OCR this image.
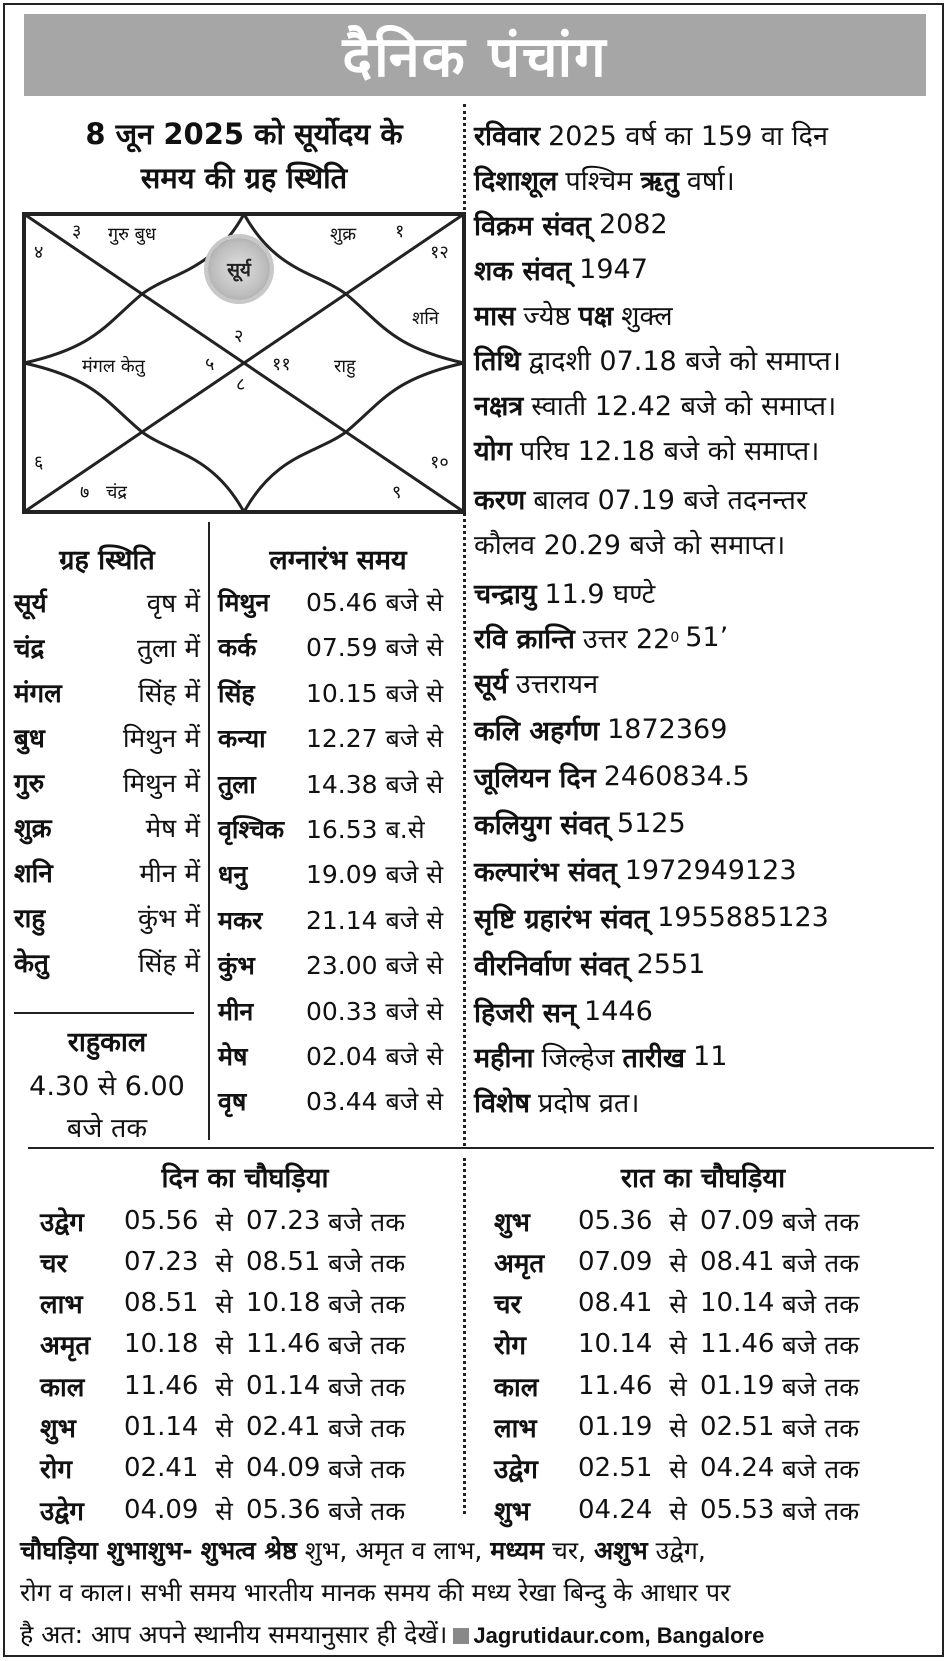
दैनिक पंचांग
8 जून 2025 को सूर्योदय के
समय की ग्रह स्थिति
३ गुरु बुध
४
शुक्र १
१२
सूर्य
शनि
२
मंगल केतु	५	११ राहु
८
६	१०
७ चंद्र	९
ग्रह स्थिति
सूर्य	वृष में
चंद्र	तुला में
मंगल	सिंह में
बुध	मिथुन में
गुरु	मिथुन में
शुक्र	मेष में
शनि	मीन में
राहु	कुंभ में
केतु	सिंह में
राहुकाल
4.30 से 6.00
बजे तक
लग्नारंभ समय
मिथुन	05.46 बजे से
कर्क	07.59 बजे से
सिंह	10.15 बजे से
कन्या	12.27 बजे से
तुला	14.38 बजे से
वृश्चिक 16.53 ब.से
धनु	19.09 बजे से
मकर	21.14 बजे से
कुंभ	23.00 बजे से
मीन	00.33 बजे से
मेष	02.04 बजे से
वृष	03.44 बजे से
रविवार 2025 वर्ष का 159 वा दिन
दिशाशूल पश्चिम ऋतु वर्षा।
विक्रम संवत् 2082
शक संवत् 1947
मास ज्येष्ठ पक्ष शुक्ल
तिथि द्वादशी 07.18 बजे को समाप्त।
नक्षत्र स्वाती 12.42 बजे को समाप्त।
योग परिघ 12.18 बजे को समाप्त।
करण बालव 07.19 बजे तदनन्तर
कौलव 20.29 बजे को समाप्त।
चन्द्रायु 11.9 घण्टे
रवि क्रान्ति उत्तर 22 0 51’
सूर्य उत्तरायन
कलि अहर्गण 1872369
जूलियन दिन 2460834.5
कलियुग संवत् 5125
कल्पारंभ संवत् 1972949123
सृष्टि ग्रहारंभ संवत् 1955885123
वीरनिर्वाण संवत् 2551
हिजरी सन् 1446
महीना जिल्हेज तारीख 11
विशेष प्रदोष व्रत।
दिन का चौघड़िया	रात का चौघड़िया
उद्वेग	05.56 से 07.23 बजे तक
चर	07.23 से 08.51 बजे तक
लाभ	08.51 से 10.18 बजे तक
अमृत	10.18 से 11.46 बजे तक
काल	11.46 से 01.14 बजे तक
शुभ	01.14 से 02.41 बजे तक
रोग	02.41 से 04.09 बजे तक
उद्वेग	04.09 से 05.36 बजे तक
शुभ	05.36 से 07.09 बजे तक
अमृत	07.09 से 08.41 बजे तक
चर	08.41 से 10.14 बजे तक
रोग	10.14 से 11.46 बजे तक
काल	11.46 से 01.19 बजे तक
लाभ	01.19 से 02.51 बजे तक
उद्वेग	02.51 से 04.24 बजे तक
शुभ	04.24 से 05.53 बजे तक
चौघड़िया शुभाशुभ- शुभत्व श्रेष्ठ शुभ, अमृत व लाभ, मध्यम चर, अशुभ उद्वेग,
रोग व काल। सभी समय भारतीय मानक समय की मध्य रेखा बिन्दु के आधार पर
है अत: आप अपने स्थानीय समयानुसार ही देखें। Jagrutidaur.com, Bangalore
